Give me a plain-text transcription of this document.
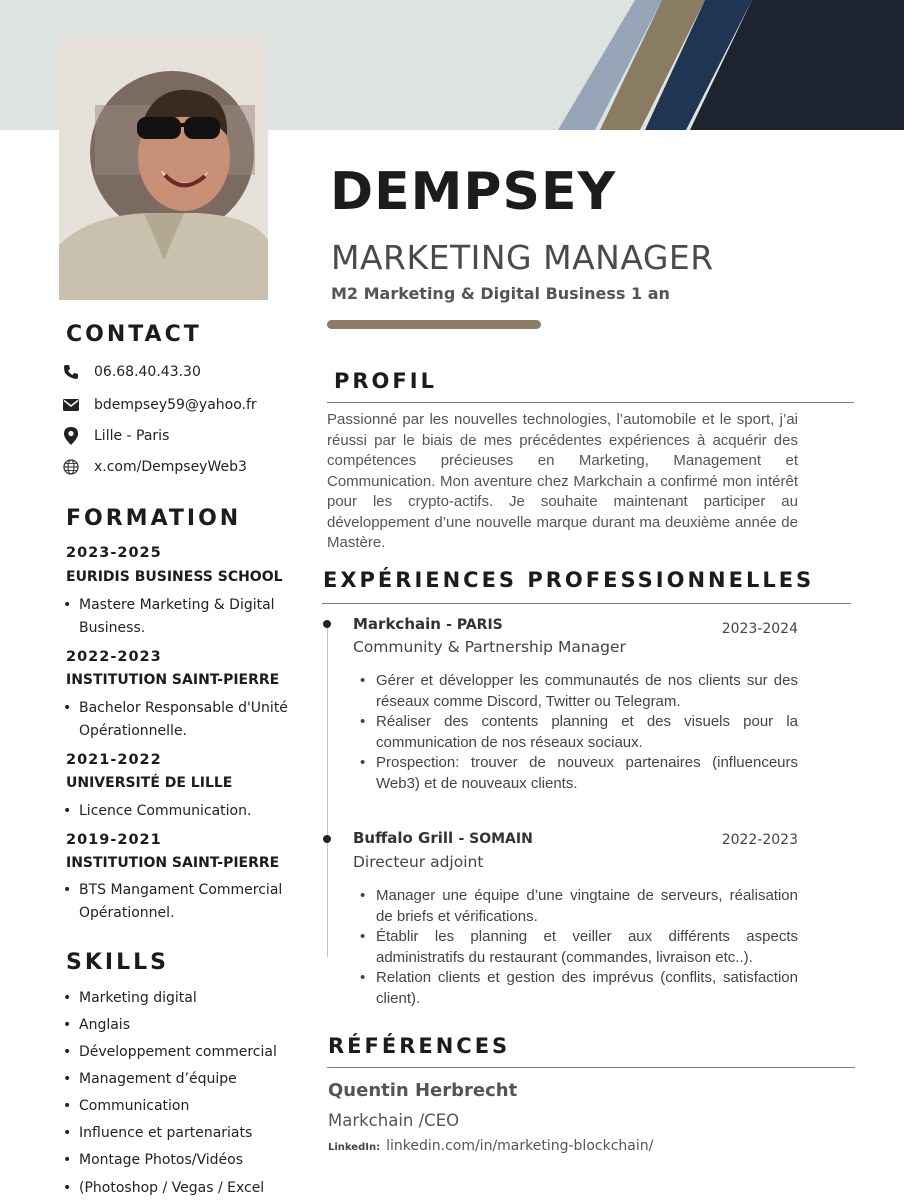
DEMPSEY
MARKETING MANAGER
M2 Marketing & Digital Business 1 an
CONTACT
06.68.40.43.30
bdempsey59@yahoo.fr
Lille - Paris
x.com/DempseyWeb3
FORMATION
2023-2025
EURIDIS BUSINESS SCHOOL
• Mastere Marketing & Digital Business.
2022-2023
INSTITUTION SAINT-PIERRE
• Bachelor Responsable d'Unité Opérationnelle.
2021-2022
UNIVERSITÉ DE LILLE
• Licence Communication.
2019-2021
INSTITUTION SAINT-PIERRE
• BTS Mangament Commercial Opérationnel.
SKILLS
• Marketing digital
• Anglais
• Développement commercial
• Management d’équipe
• Communication
• Influence et partenariats
• Montage Photos/Vidéos
• (Photoshop / Vegas / Excel
PROFIL
Passionné par les nouvelles technologies, l’automobile et le sport, j’ai réussi par le biais de mes précédentes expériences à acquérir des compétences précieuses en Marketing, Management et Communication. Mon aventure chez Markchain a confirmé mon intérêt pour les crypto-actifs. Je souhaite maintenant participer au développement d’une nouvelle marque durant ma deuxième année de Mastère.
EXPÉRIENCES PROFESSIONNELLES
Markchain - PARIS	2023-2024
Community & Partnership Manager
• Gérer et développer les communautés de nos clients sur des réseaux comme Discord, Twitter ou Telegram.
• Réaliser des contents planning et des visuels pour la communication de nos réseaux sociaux.
• Prospection: trouver de nouveux partenaires (influenceurs Web3) et de nouveaux clients.
Buffalo Grill - SOMAIN	2022-2023
Directeur adjoint
• Manager une équipe d’une vingtaine de serveurs, réalisation de briefs et vérifications.
• Établir les planning et veiller aux différents aspects administratifs du restaurant (commandes, livraison etc..).
• Relation clients et gestion des imprévus (conflits, satisfaction client).
RÉFÉRENCES
Quentin Herbrecht
Markchain /CEO
LinkedIn: linkedin.com/in/marketing-blockchain/
